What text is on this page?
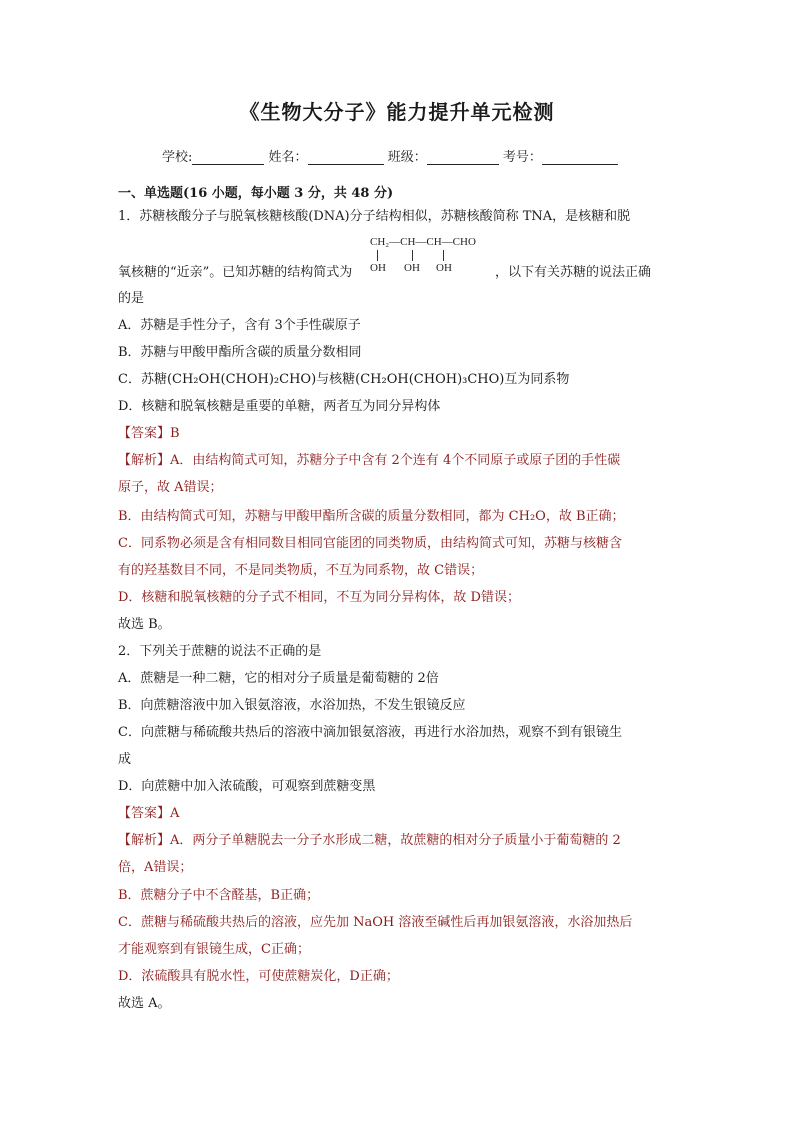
《生物大分子》能力提升单元检测
学校:	姓名：	班级：	考号：
一、单选题(16 小题，每小题 3 分，共 48 分)
1．苏糖核酸分子与脱氧核糖核酸(DNA)分子结构相似，苏糖核酸简称 TNA，是核糖和脱
CH₂—CH—CH—CHO
OH OH OH
氧核糖的“近亲”。已知苏糖的结构简式为	，以下有关苏糖的说法正确
的是
A．苏糖是手性分子，含有 3个手性碳原子
B．苏糖与甲酸甲酯所含碳的质量分数相同
C．苏糖(CH₂OH(CHOH)₂CHO)与核糖(CH₂OH(CHOH)₃CHO)互为同系物
D．核糖和脱氧核糖是重要的单糖，两者互为同分异构体
【答案】B
【解析】A．由结构简式可知，苏糖分子中含有 2个连有 4个不同原子或原子团的手性碳
原子，故 A错误；
B．由结构简式可知，苏糖与甲酸甲酯所含碳的质量分数相同，都为 CH₂O，故 B正确；
C．同系物必须是含有相同数目相同官能团的同类物质，由结构简式可知，苏糖与核糖含
有的羟基数目不同，不是同类物质，不互为同系物，故 C错误；
D．核糖和脱氧核糖的分子式不相同，不互为同分异构体，故 D错误；
故选 B。
2．下列关于蔗糖的说法不正确的是
A．蔗糖是一种二糖，它的相对分子质量是葡萄糖的 2倍
B．向蔗糖溶液中加入银氨溶液，水浴加热，不发生银镜反应
C．向蔗糖与稀硫酸共热后的溶液中滴加银氨溶液，再进行水浴加热，观察不到有银镜生
成
D．向蔗糖中加入浓硫酸，可观察到蔗糖变黑
【答案】A
【解析】A．两分子单糖脱去一分子水形成二糖，故蔗糖的相对分子质量小于葡萄糖的 2
倍，A错误；
B．蔗糖分子中不含醛基，B正确；
C．蔗糖与稀硫酸共热后的溶液，应先加 NaOH 溶液至碱性后再加银氨溶液，水浴加热后
才能观察到有银镜生成，C正确；
D．浓硫酸具有脱水性，可使蔗糖炭化，D正确；
故选 A。
